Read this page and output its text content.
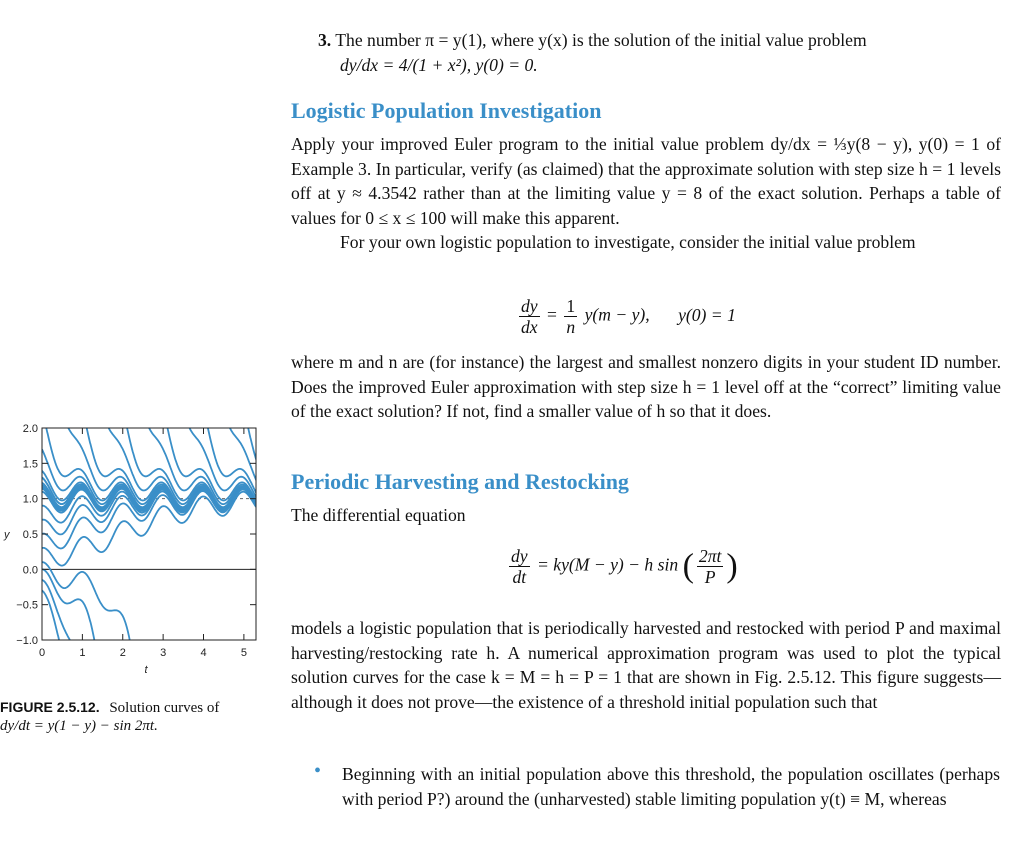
3. The number π = y(1), where y(x) is the solution of the initial value problem
dy/dx = 4/(1 + x²), y(0) = 0.
Logistic Population Investigation

Apply your improved Euler program to the initial value problem dy/dx = ⅓y(8 − y), y(0) = 1 of Example 3. In particular, verify (as claimed) that the approximate solution with step size h = 1 levels off at y ≈ 4.3542 rather than at the limiting value y = 8 of the exact solution. Perhaps a table of values for 0 ≤ x ≤ 100 will make this apparent.

For your own logistic population to investigate, consider the initial value problem

$\frac{dy}{dx} = \frac{1}{n} y(m - y)$, y(0) = 1

where m and n are (for instance) the largest and smallest nonzero digits in your student ID number. Does the improved Euler approximation with step size h = 1 level off at the “correct” limiting value of the exact solution? If not, find a smaller value of h so that it does.

Periodic Harvesting and Restocking

The differential equation

$\frac{dy}{dt} = ky(M - y) - h$ sin ( $\frac{2\pi t}{P}$ )

models a logistic population that is periodically harvested and restocked with period P and maximal harvesting/restocking rate h. A numerical approximation program was used to plot the typical solution curves for the case k = M = h = P = 1 that are shown in Fig. 2.5.12. This figure suggests—although it does not prove—the existence of a threshold initial population such that

• Beginning with an initial population above this threshold, the population oscillates (perhaps with period P?) around the (unharvested) stable limiting population y(t) ≡ M, whereas

2.0
1.5
1.0
0.5
0.0
−0.5
−1.0
0	1	2	3	4	5
t
y
FIGURE 2.5.12. Solution curves of
dy/dt = y(1 − y) − sin 2πt.
